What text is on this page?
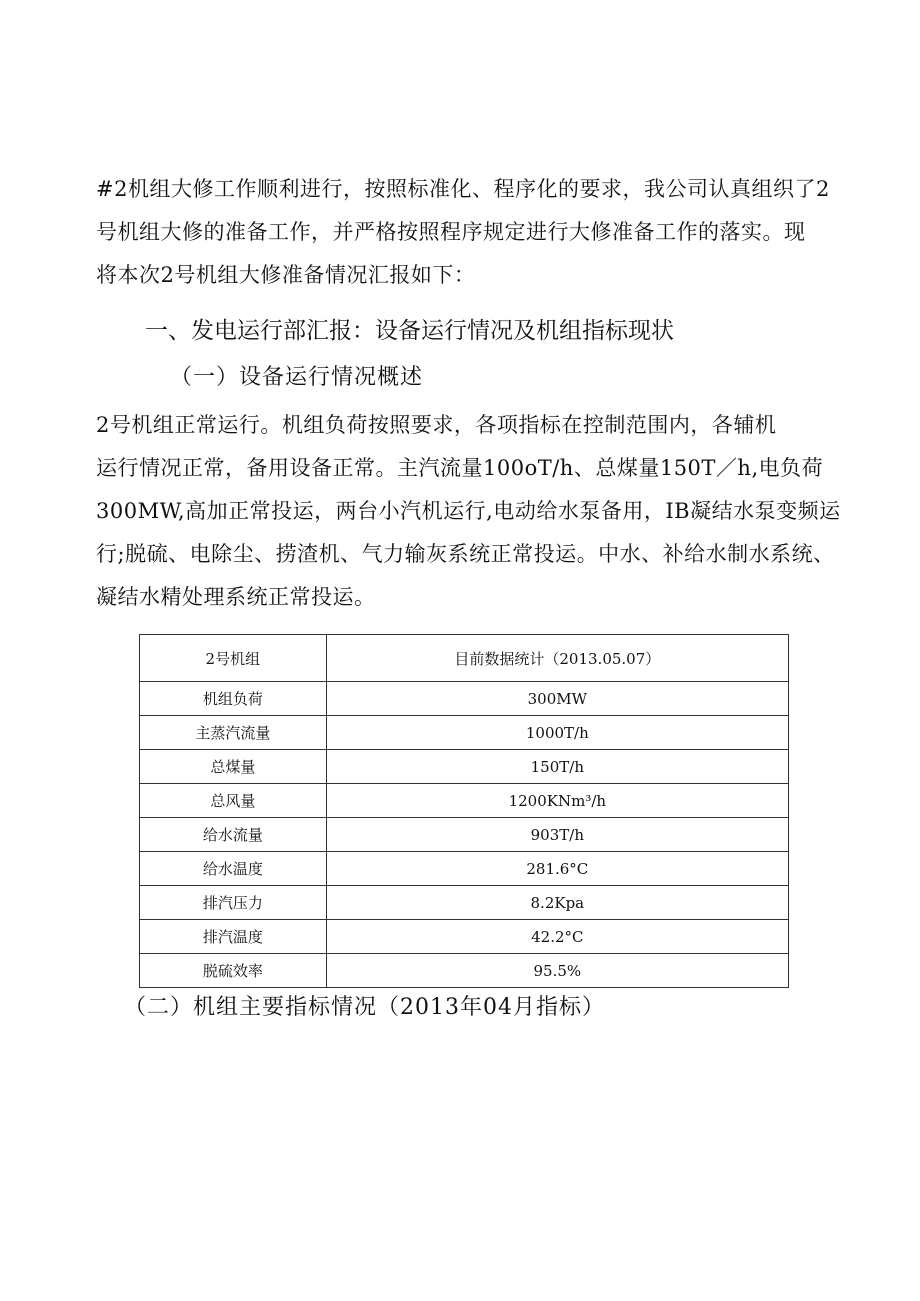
#2机组大修工作顺利进行，按照标准化、程序化的要求，我公司认真组织了2
号机组大修的准备工作，并严格按照程序规定进行大修准备工作的落实。现
将本次2号机组大修准备情况汇报如下：
一、发电运行部汇报：设备运行情况及机组指标现状
（一）设备运行情况概述
2号机组正常运行。机组负荷按照要求，各项指标在控制范围内，各辅机
运行情况正常，备用设备正常。主汽流量100oT/h、总煤量150T／h,电负荷
300MW,高加正常投运，两台小汽机运行,电动给水泵备用，IB凝结水泵变频运
行;脱硫、电除尘、捞渣机、气力输灰系统正常投运。中水、补给水制水系统、
凝结水精处理系统正常投运。
2号机组	目前数据统计（2013.05.07）
机组负荷	300MW
主蒸汽流量	1000T/h
总煤量	150T/h
总风量	1200KNm³/h
给水流量	903T/h
给水温度	281.6°C
排汽压力	8.2Kpa
排汽温度	42.2°C
脱硫效率	95.5%
（二）机组主要指标情况（2013年04月指标）
